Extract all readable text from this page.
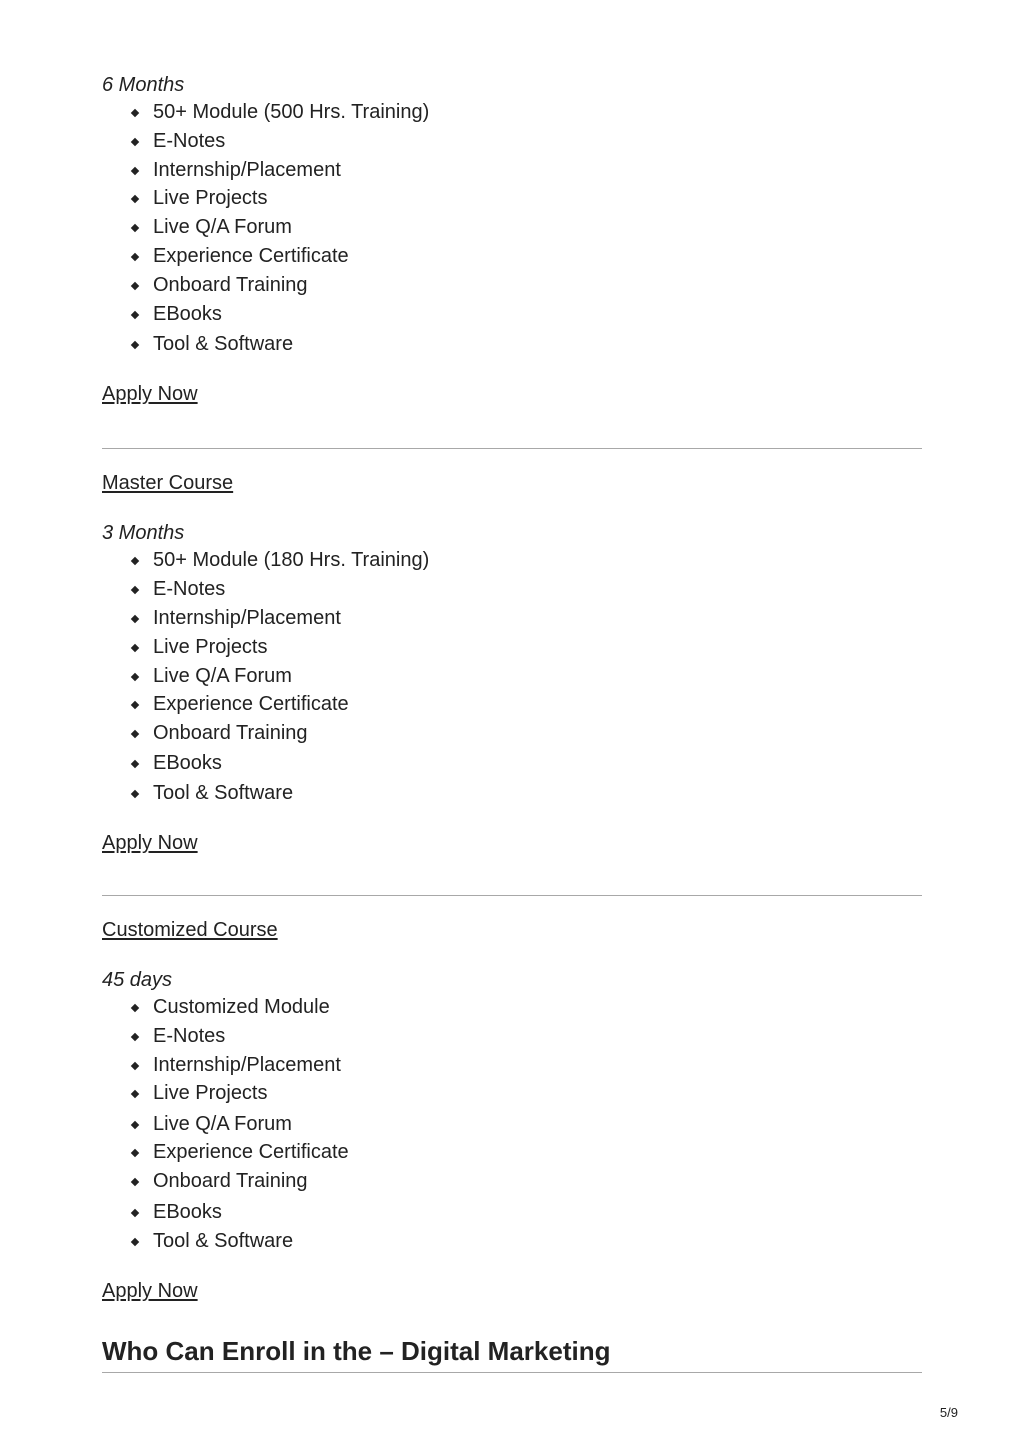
6 Months
50+ Module (500 Hrs. Training)
E-Notes
Internship/Placement
Live Projects
Live Q/A Forum
Experience Certificate
Onboard Training
EBooks
Tool & Software
Apply Now
Master Course
3 Months
50+ Module (180 Hrs. Training)
E-Notes
Internship/Placement
Live Projects
Live Q/A Forum
Experience Certificate
Onboard Training
EBooks
Tool & Software
Apply Now
Customized Course
45 days
Customized Module
E-Notes
Internship/Placement
Live Projects
Live Q/A Forum
Experience Certificate
Onboard Training
EBooks
Tool & Software
Apply Now
Who Can Enroll in the – Digital Marketing
5/9
